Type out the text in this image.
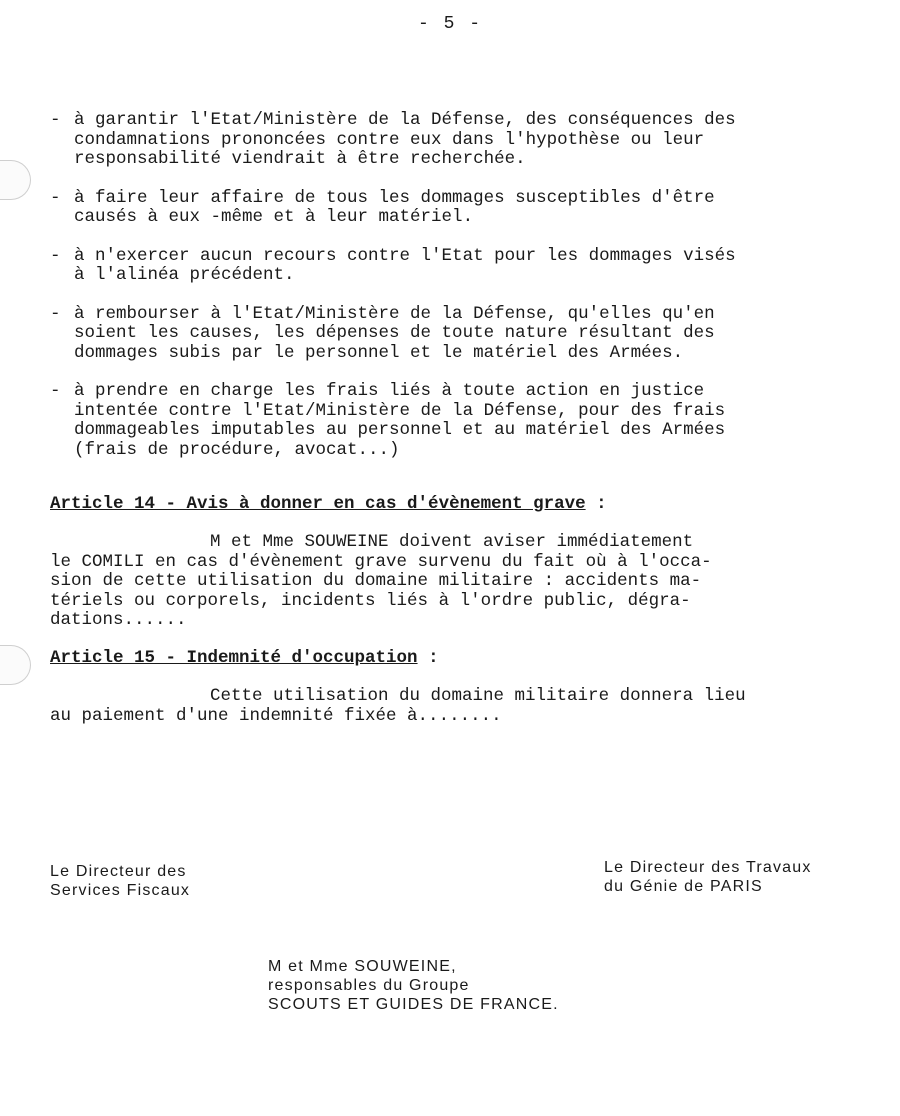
- 5 -
- à garantir l'Etat/Ministère de la Défense, des conséquences des
condamnations prononcées contre eux dans l'hypothèse ou leur
responsabilité viendrait à être recherchée.
- à faire leur affaire de tous les dommages susceptibles d'être
causés à eux -même et à leur matériel.
- à n'exercer aucun recours contre l'Etat pour les dommages visés
à l'alinéa précédent.
- à rembourser à l'Etat/Ministère de la Défense, qu'elles qu'en
soient les causes, les dépenses de toute nature résultant des
dommages subis par le personnel et le matériel des Armées.
- à prendre en charge les frais liés à toute action en justice
intentée contre l'Etat/Ministère de la Défense, pour des frais
dommageables imputables au personnel et au matériel des Armées
(frais de procédure, avocat...)
Article 14 - Avis à donner en cas d'évènement grave :
M et Mme SOUWEINE doivent aviser immédiatement
le COMILI en cas d'évènement grave survenu du fait où à l'occa-
sion de cette utilisation du domaine militaire : accidents ma-
tériels ou corporels, incidents liés à l'ordre public, dégra-
dations......
Article 15 - Indemnité d'occupation :
Cette utilisation du domaine militaire donnera lieu
au paiement d'une indemnité fixée à........
Le Directeur des
Services Fiscaux
Le Directeur des Travaux
du Génie de PARIS
M et Mme SOUWEINE,
responsables du Groupe
SCOUTS ET GUIDES DE FRANCE.
